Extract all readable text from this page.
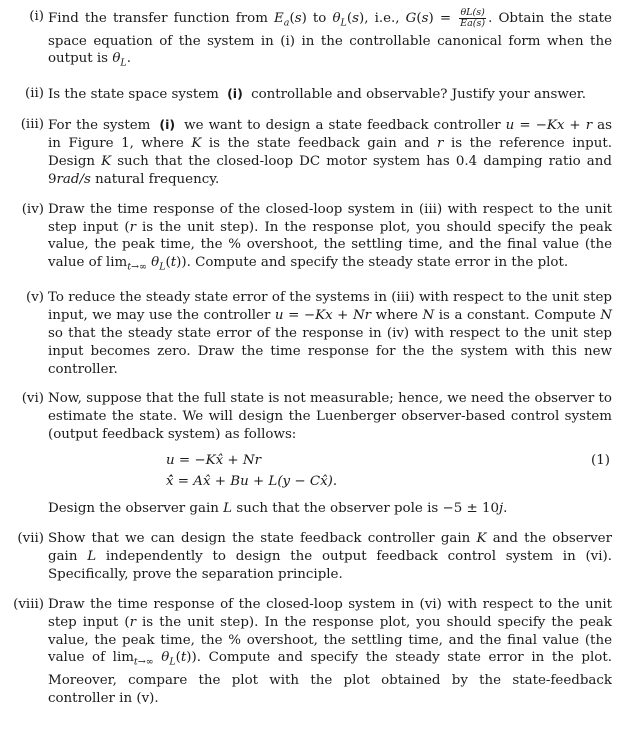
(i) Find the transfer function from $E_a(s)$ to $\theta_L(s)$, i.e., $G(s) = \frac{\theta L(s)}{Ea(s)}$ . Obtain the state space equation of the system in (i) in the controllable canonical form when the output is $\theta_L$.
(ii) Is the state space system (i) controllable and observable? Justify your answer.
(iii) For the system (i) we want to design a state feedback controller u = −Kx + r as in Figure 1, where K is the state feedback gain and r is the reference input. Design K such that the closed-loop DC motor system has 0.4 damping ratio and 9rad/s natural frequency.
(iv) Draw the time response of the closed-loop system in (iii) with respect to the unit step input (r is the unit step). In the response plot, you should specify the peak value, the peak time, the % overshoot, the settling time, and the final value (the value of $\lim_{t\to\infty} \theta_L(t)$). Compute and specify the steady state error in the plot.
(v) To reduce the steady state error of the systems in (iii) with respect to the unit step input, we may use the controller u = −Kx + Nr where N is a constant. Compute N so that the steady state error of the response in (iv) with respect to the unit step input becomes zero. Draw the time response for the the system with this new controller.
(vi) Now, suppose that the full state is not measurable; hence, we need the observer to estimate the state. We will design the Luenberger observer-based control system (output feedback system) as follows:
u = −Kx̂ + Nr
x̂̇ = Ax̂ + Bu + L(y − Cx̂).
(1)
Design the observer gain L such that the observer pole is −5 ± 10j.
(vii) Show that we can design the state feedback controller gain K and the observer gain L independently to design the output feedback control system in (vi). Specifically, prove the separation principle.
(viii) Draw the time response of the closed-loop system in (vi) with respect to the unit step input (r is the unit step). In the response plot, you should specify the peak value, the peak time, the % overshoot, the settling time, and the final value (the value of $\lim_{t\to\infty} \theta_L(t)$). Compute and specify the steady state error in the plot. Moreover, compare the plot with the plot obtained by the state-feedback controller in (v).
